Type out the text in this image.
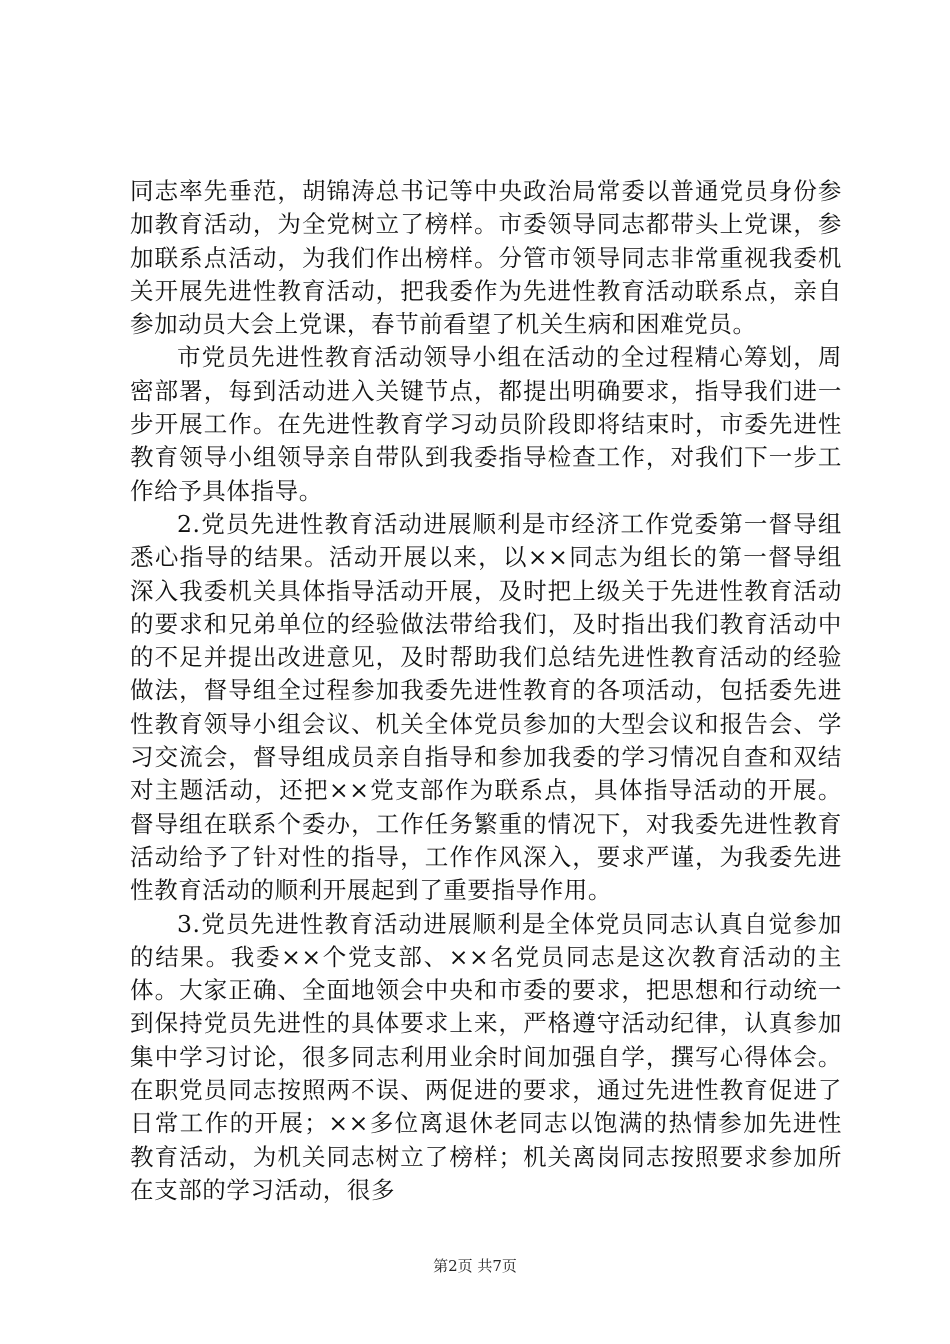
同志率先垂范，胡锦涛总书记等中央政治局常委以普通党员身份参加教育活动，为全党树立了榜样。市委领导同志都带头上党课，参加联系点活动，为我们作出榜样。分管市领导同志非常重视我委机关开展先进性教育活动，把我委作为先进性教育活动联系点，亲自参加动员大会上党课，春节前看望了机关生病和困难党员。

市党员先进性教育活动领导小组在活动的全过程精心筹划，周密部署，每到活动进入关键节点，都提出明确要求，指导我们进一步开展工作。在先进性教育学习动员阶段即将结束时，市委先进性教育领导小组领导亲自带队到我委指导检查工作，对我们下一步工作给予具体指导。

2.党员先进性教育活动进展顺利是市经济工作党委第一督导组悉心指导的结果。活动开展以来，以××同志为组长的第一督导组深入我委机关具体指导活动开展，及时把上级关于先进性教育活动的要求和兄弟单位的经验做法带给我们，及时指出我们教育活动中的不足并提出改进意见，及时帮助我们总结先进性教育活动的经验做法，督导组全过程参加我委先进性教育的各项活动，包括委先进性教育领导小组会议、机关全体党员参加的大型会议和报告会、学习交流会，督导组成员亲自指导和参加我委的学习情况自查和双结对主题活动，还把××党支部作为联系点，具体指导活动的开展。督导组在联系个委办，工作任务繁重的情况下，对我委先进性教育活动给予了针对性的指导，工作作风深入，要求严谨，为我委先进性教育活动的顺利开展起到了重要指导作用。

3.党员先进性教育活动进展顺利是全体党员同志认真自觉参加的结果。我委××个党支部、××名党员同志是这次教育活动的主体。大家正确、全面地领会中央和市委的要求，把思想和行动统一到保持党员先进性的具体要求上来，严格遵守活动纪律，认真参加集中学习讨论，很多同志利用业余时间加强自学，撰写心得体会。在职党员同志按照两不误、两促进的要求，通过先进性教育促进了日常工作的开展；××多位离退休老同志以饱满的热情参加先进性教育活动，为机关同志树立了榜样；机关离岗同志按照要求参加所在支部的学习活动，很多

第2页 共7页
